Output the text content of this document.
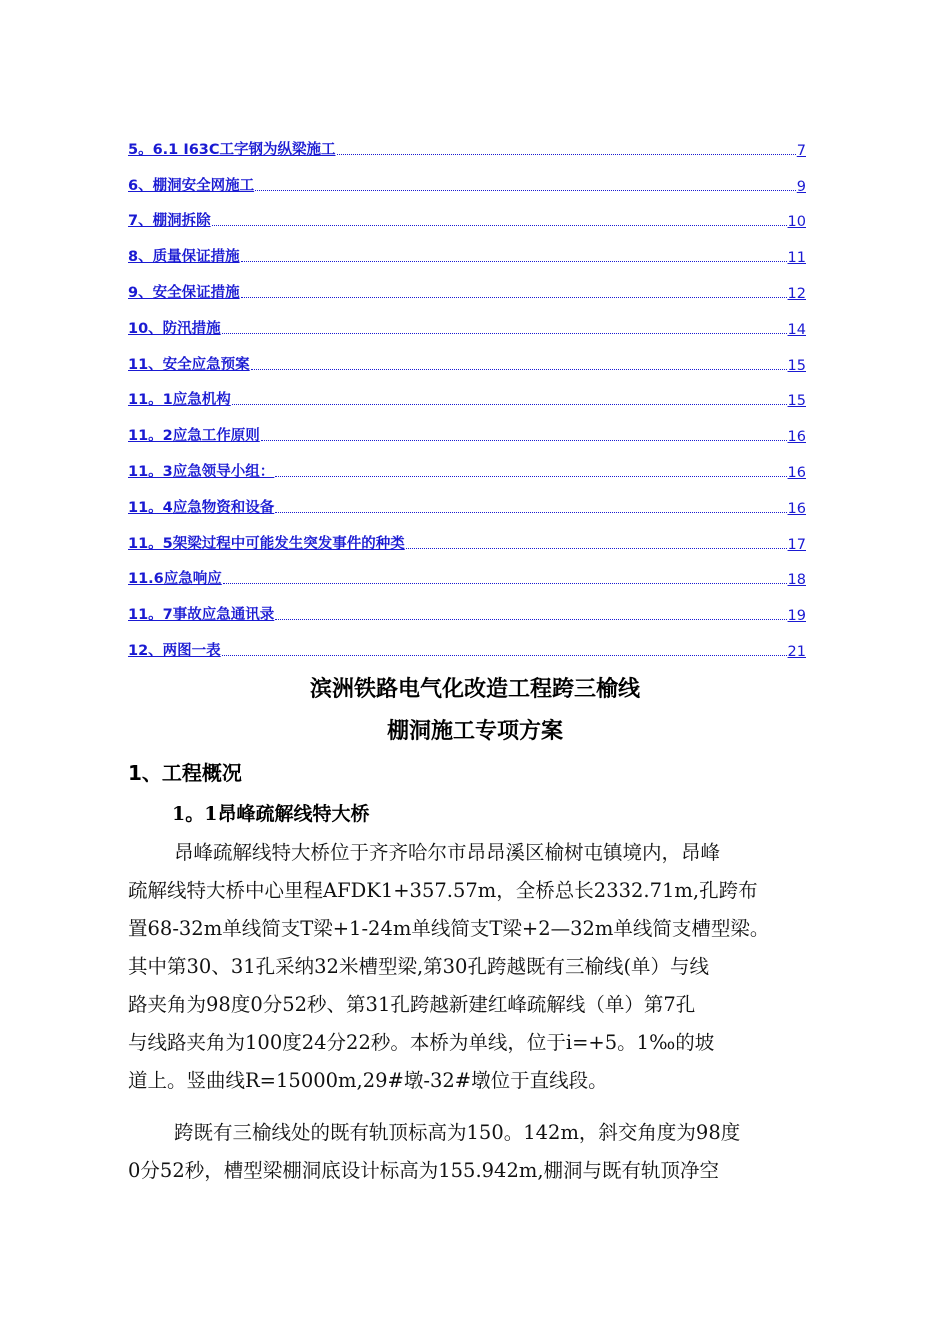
5。6.1 I63C工字钢为纵梁施工	7
6、棚洞安全网施工	9
7、棚洞拆除	10
8、质量保证措施	11
9、安全保证措施	12
10、防汛措施	14
11、安全应急预案	15
11。1应急机构	15
11。2应急工作原则	16
11。3应急领导小组：	16
11。4应急物资和设备	16
11。5架梁过程中可能发生突发事件的种类	17
11.6应急响应	18
11。7事故应急通讯录	19
12、两图一表	21
滨洲铁路电气化改造工程跨三榆线
棚洞施工专项方案
1、工程概况
1。1昂峰疏解线特大桥
昂峰疏解线特大桥位于齐齐哈尔市昂昂溪区榆树屯镇境内，昂峰
疏解线特大桥中心里程AFDK1+357.57m，全桥总长2332.71m,孔跨布
置68-32m单线简支T梁+1-24m单线简支T梁+2—32m单线简支槽型梁。
其中第30、31孔采纳32米槽型梁,第30孔跨越既有三榆线(单）与线
路夹角为98度0分52秒、第31孔跨越新建红峰疏解线（单）第7孔
与线路夹角为100度24分22秒。本桥为单线，位于i=+5。1‰的坡
道上。竖曲线R=15000m,29#墩-32#墩位于直线段。
跨既有三榆线处的既有轨顶标高为150。142m，斜交角度为98度
0分52秒，槽型梁棚洞底设计标高为155.942m,棚洞与既有轨顶净空
